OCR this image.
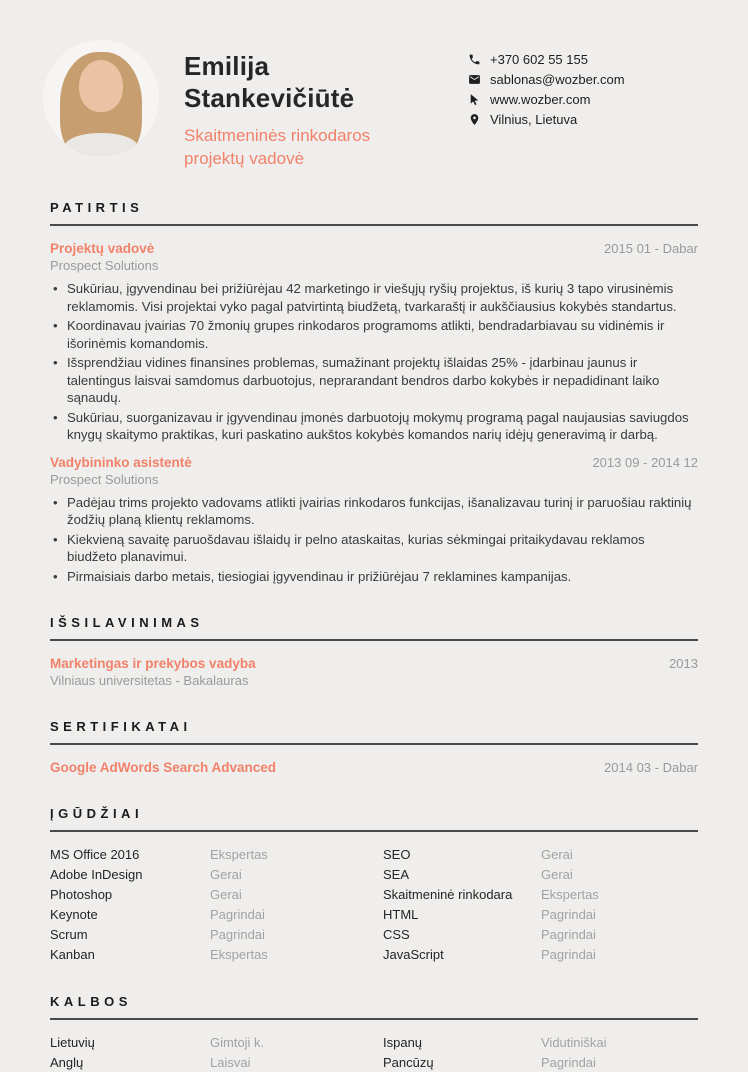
Emilija
Stankevičiūtė
Skaitmeninės rinkodaros
projektų vadovė
+370 602 55 155
sablonas@wozber.com
www.wozber.com
Vilnius, Lietuva
PATIRTIS
Projektų vadovė	2015 01 - Dabar
Prospect Solutions
• Sukūriau, įgyvendinau bei prižiūrėjau 42 marketingo ir viešųjų ryšių projektus, iš kurių 3 tapo virusinėmis reklamomis. Visi projektai vyko pagal patvirtintą biudžetą, tvarkaraštį ir aukščiausius kokybės standartus.
• Koordinavau įvairias 70 žmonių grupes rinkodaros programoms atlikti, bendradarbiavau su vidinėmis ir išorinėmis komandomis.
• Išsprendžiau vidines finansines problemas, sumažinant projektų išlaidas 25% - įdarbinau jaunus ir talentingus laisvai samdomus darbuotojus, neprarandant bendros darbo kokybės ir nepadidinant laiko sąnaudų.
• Sukūriau, suorganizavau ir įgyvendinau įmonės darbuotojų mokymų programą pagal naujausias saviugdos knygų skaitymo praktikas, kuri paskatino aukštos kokybės komandos narių idėjų generavimą ir darbą.
Vadybininko asistentė	2013 09 - 2014 12
Prospect Solutions
• Padėjau trims projekto vadovams atlikti įvairias rinkodaros funkcijas, išanalizavau turinį ir paruošiau raktinių žodžių planą klientų reklamoms.
• Kiekvieną savaitę paruošdavau išlaidų ir pelno ataskaitas, kurias sėkmingai pritaikydavau reklamos biudžeto planavimui.
• Pirmaisiais darbo metais, tiesiogiai įgyvendinau ir prižiūrėjau 7 reklamines kampanijas.
IŠSILAVINIMAS
Marketingas ir prekybos vadyba	2013
Vilniaus universitetas - Bakalauras
SERTIFIKATAI
Google AdWords Search Advanced	2014 03 - Dabar
ĮGŪDŽIAI
MS Office 2016	Ekspertas	SEO	Gerai
Adobe InDesign	Gerai	SEA	Gerai
Photoshop	Gerai	Skaitmeninė rinkodara	Ekspertas
Keynote	Pagrindai	HTML	Pagrindai
Scrum	Pagrindai	CSS	Pagrindai
Kanban	Ekspertas	JavaScript	Pagrindai
KALBOS
Lietuvių	Gimtoji k.	Ispanų	Vidutiniškai
Anglų	Laisvai	Pancūzų	Pagrindai
